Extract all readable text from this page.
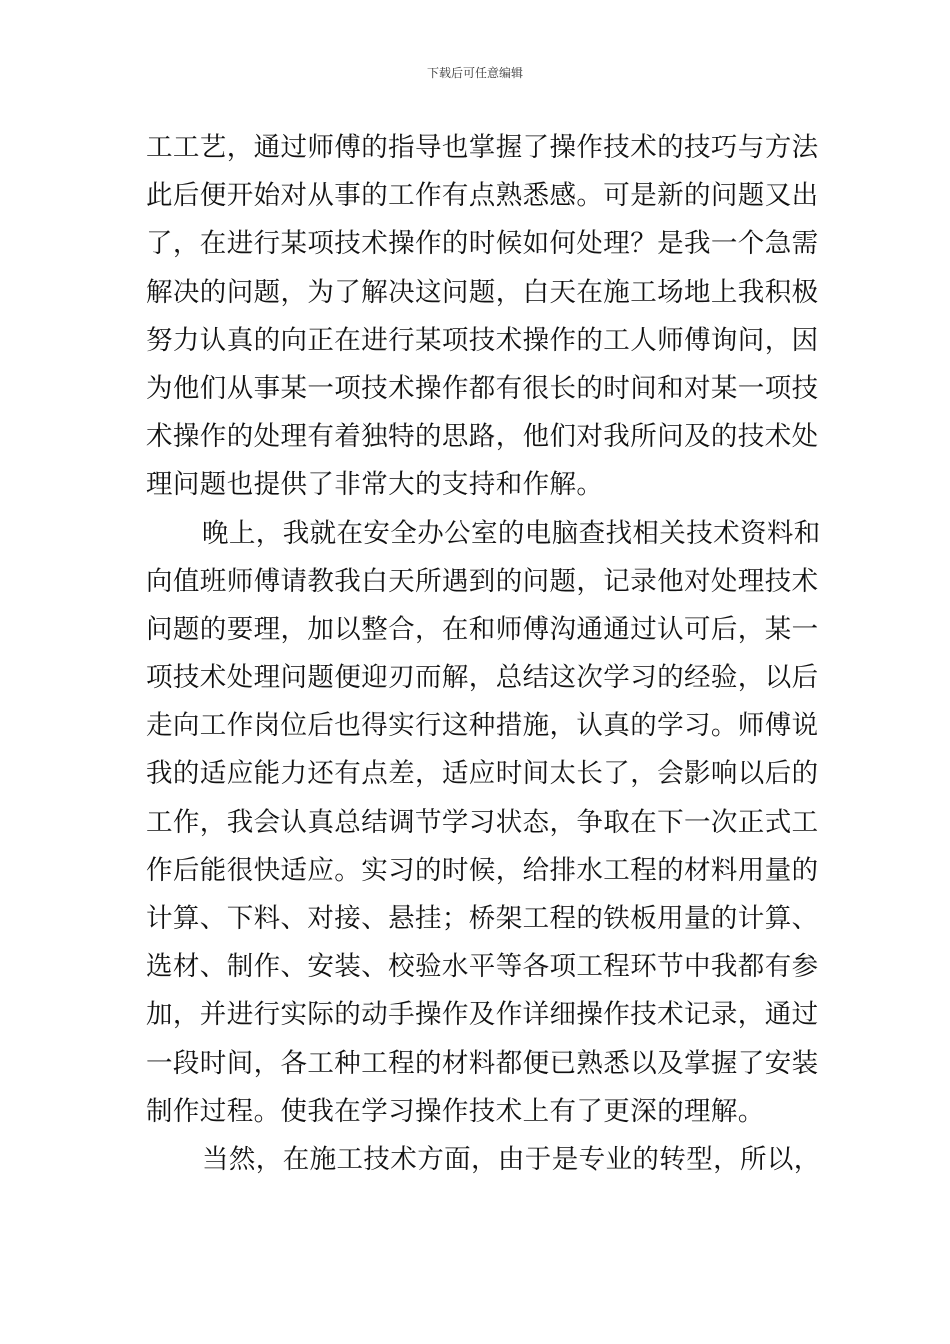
下载后可任意编辑
工工艺，通过师傅的指导也掌握了操作技术的技巧与方法
此后便开始对从事的工作有点熟悉感。可是新的问题又出
了，在进行某项技术操作的时候如何处理？是我一个急需
解决的问题，为了解决这问题，白天在施工场地上我积极
努力认真的向正在进行某项技术操作的工人师傅询问，因
为他们从事某一项技术操作都有很长的时间和对某一项技
术操作的处理有着独特的思路，他们对我所问及的技术处
理问题也提供了非常大的支持和作解。
晚上，我就在安全办公室的电脑查找相关技术资料和
向值班师傅请教我白天所遇到的问题，记录他对处理技术
问题的要理，加以整合，在和师傅沟通通过认可后，某一
项技术处理问题便迎刃而解，总结这次学习的经验，以后
走向工作岗位后也得实行这种措施，认真的学习。师傅说
我的适应能力还有点差，适应时间太长了，会影响以后的
工作，我会认真总结调节学习状态，争取在下一次正式工
作后能很快适应。实习的时候，给排水工程的材料用量的
计算、下料、对接、悬挂；桥架工程的铁板用量的计算、
选材、制作、安装、校验水平等各项工程环节中我都有参
加，并进行实际的动手操作及作详细操作技术记录，通过
一段时间，各工种工程的材料都便已熟悉以及掌握了安装
制作过程。使我在学习操作技术上有了更深的理解。
当然，在施工技术方面，由于是专业的转型，所以，
